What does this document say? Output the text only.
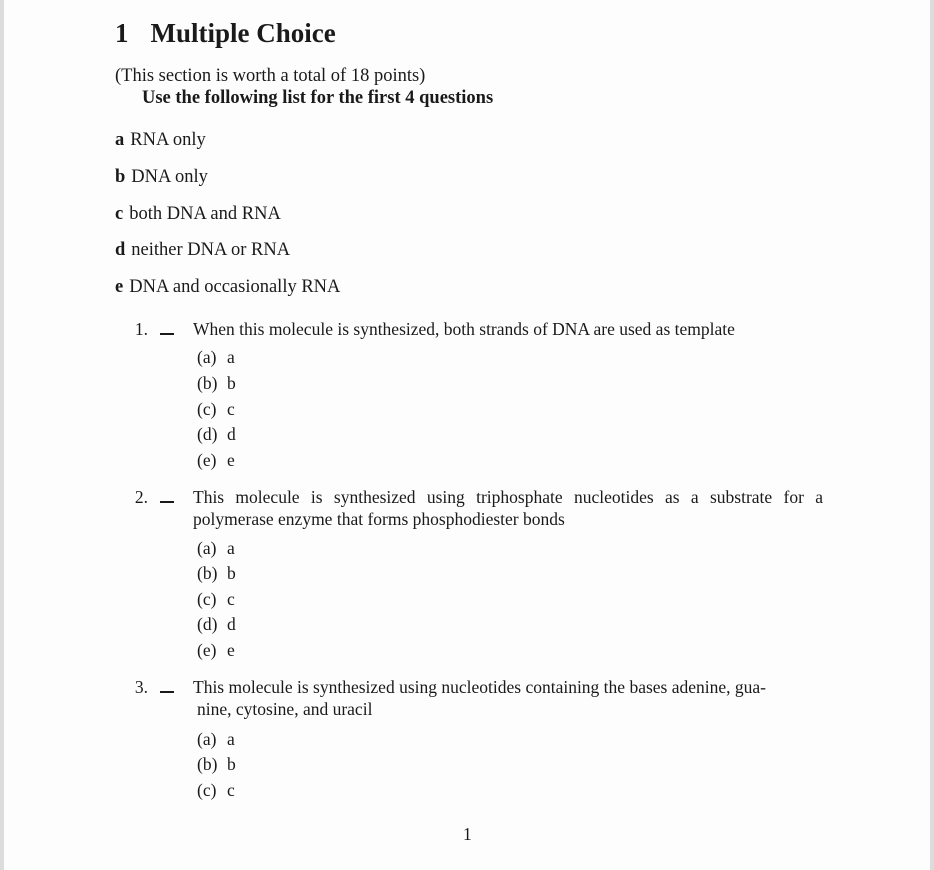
1 Multiple Choice
(This section is worth a total of 18 points)
Use the following list for the first 4 questions
a RNA only
b DNA only
c both DNA and RNA
d neither DNA or RNA
e DNA and occasionally RNA
1.	When this molecule is synthesized, both strands of DNA are used as template
(a) a
(b) b
(c) c
(d) d
(e) e
2.	This molecule is synthesized using triphosphate nucleotides as a substrate for a polymerase enzyme that forms phosphodiester bonds
(a) a
(b) b
(c) c
(d) d
(e) e
3.	This molecule is synthesized using nucleotides containing the bases adenine, gua-
nine, cytosine, and uracil
(a) a
(b) b
(c) c
1
